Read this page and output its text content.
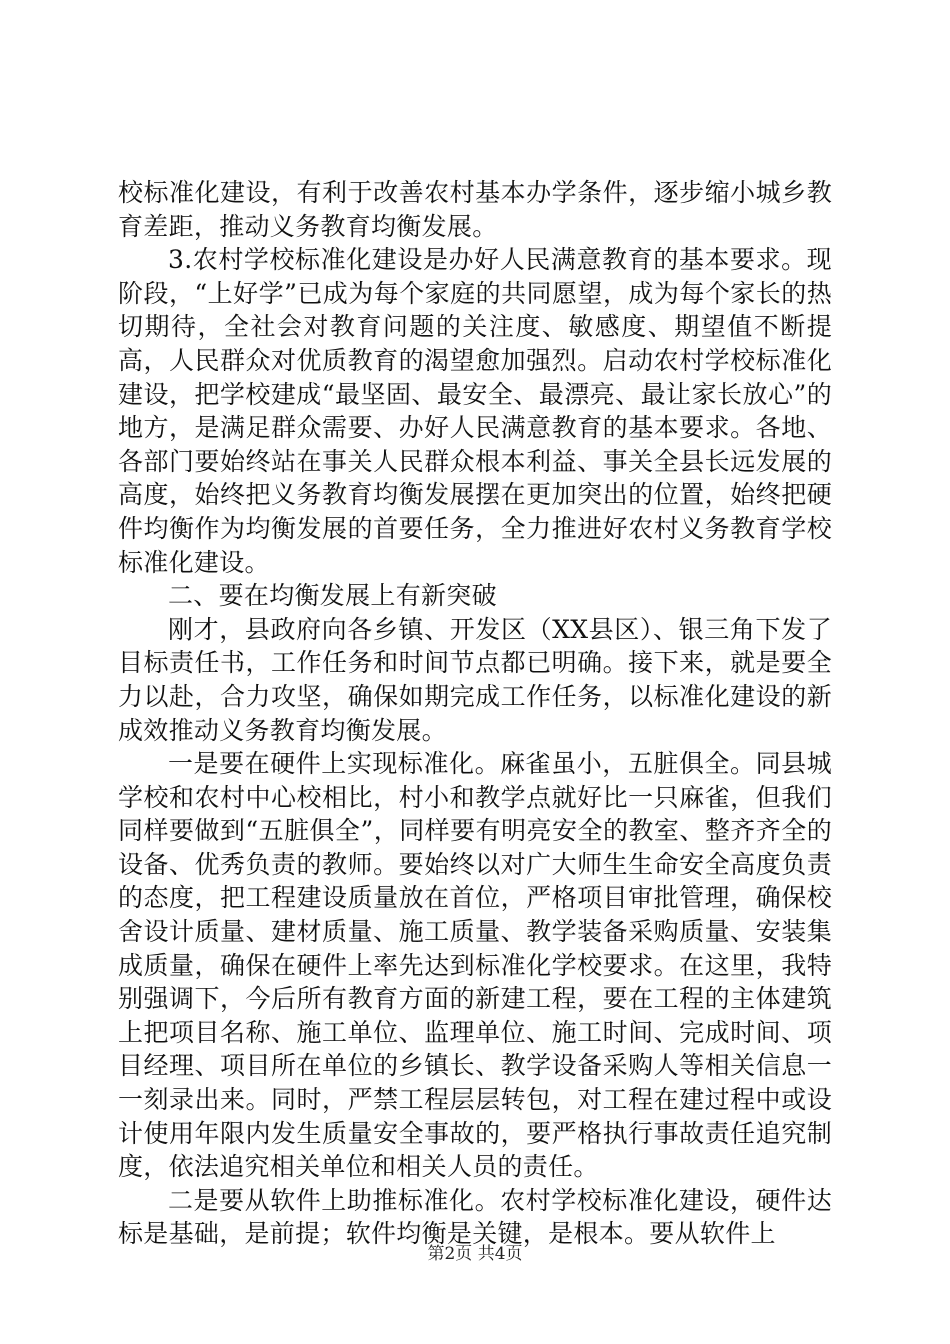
校标准化建设，有利于改善农村基本办学条件，逐步缩小城乡教育差距，推动义务教育均衡发展。

3.农村学校标准化建设是办好人民满意教育的基本要求。现阶段，“上好学”已成为每个家庭的共同愿望，成为每个家长的热切期待，全社会对教育问题的关注度、敏感度、期望值不断提高，人民群众对优质教育的渴望愈加强烈。启动农村学校标准化建设，把学校建成“最坚固、最安全、最漂亮、最让家长放心”的地方，是满足群众需要、办好人民满意教育的基本要求。各地、各部门要始终站在事关人民群众根本利益、事关全县长远发展的高度，始终把义务教育均衡发展摆在更加突出的位置，始终把硬件均衡作为均衡发展的首要任务，全力推进好农村义务教育学校标准化建设。

二、要在均衡发展上有新突破

刚才，县政府向各乡镇、开发区（XX县区）、银三角下发了目标责任书，工作任务和时间节点都已明确。接下来，就是要全力以赴，合力攻坚，确保如期完成工作任务，以标准化建设的新成效推动义务教育均衡发展。

一是要在硬件上实现标准化。麻雀虽小，五脏俱全。同县城学校和农村中心校相比，村小和教学点就好比一只麻雀，但我们同样要做到“五脏俱全”，同样要有明亮安全的教室、整齐齐全的设备、优秀负责的教师。要始终以对广大师生生命安全高度负责的态度，把工程建设质量放在首位，严格项目审批管理，确保校舍设计质量、建材质量、施工质量、教学装备采购质量、安装集成质量，确保在硬件上率先达到标准化学校要求。在这里，我特别强调下，今后所有教育方面的新建工程，要在工程的主体建筑上把项目名称、施工单位、监理单位、施工时间、完成时间、项目经理、项目所在单位的乡镇长、教学设备采购人等相关信息一一刻录出来。同时，严禁工程层层转包，对工程在建过程中或设计使用年限内发生质量安全事故的，要严格执行事故责任追究制度，依法追究相关单位和相关人员的责任。

二是要从软件上助推标准化。农村学校标准化建设，硬件达标是基础，是前提；软件均衡是关键，是根本。要从软件上

第2页 共4页
